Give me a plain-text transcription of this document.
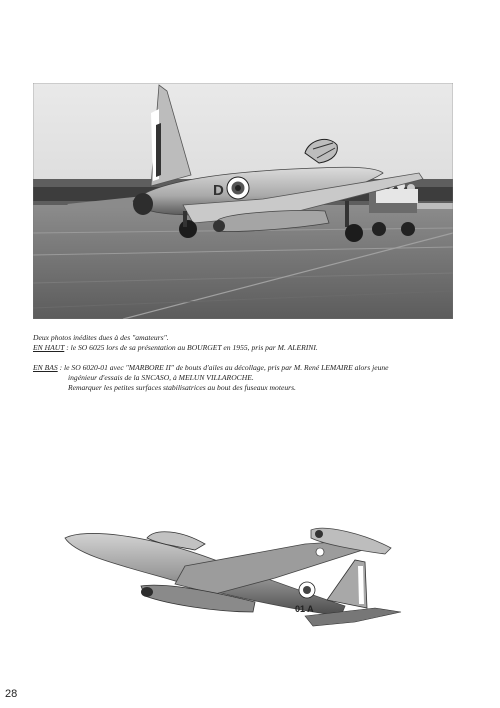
D
Deux photos inédites dues à des "amateurs".
EN HAUT : le SO 6025 lors de sa présentation au BOURGET en 1955, pris par M. ALERINI.
EN BAS : le SO 6020-01 avec "MARBORE II" de bouts d'ailes au décollage, pris par M. René LEMAIRE alors jeune
ingénieur d'essais de la SNCASO, à MELUN VILLAROCHE.
Remarquer les petites surfaces stabilisatrices au bout des fuseaux moteurs.
01 A
28
